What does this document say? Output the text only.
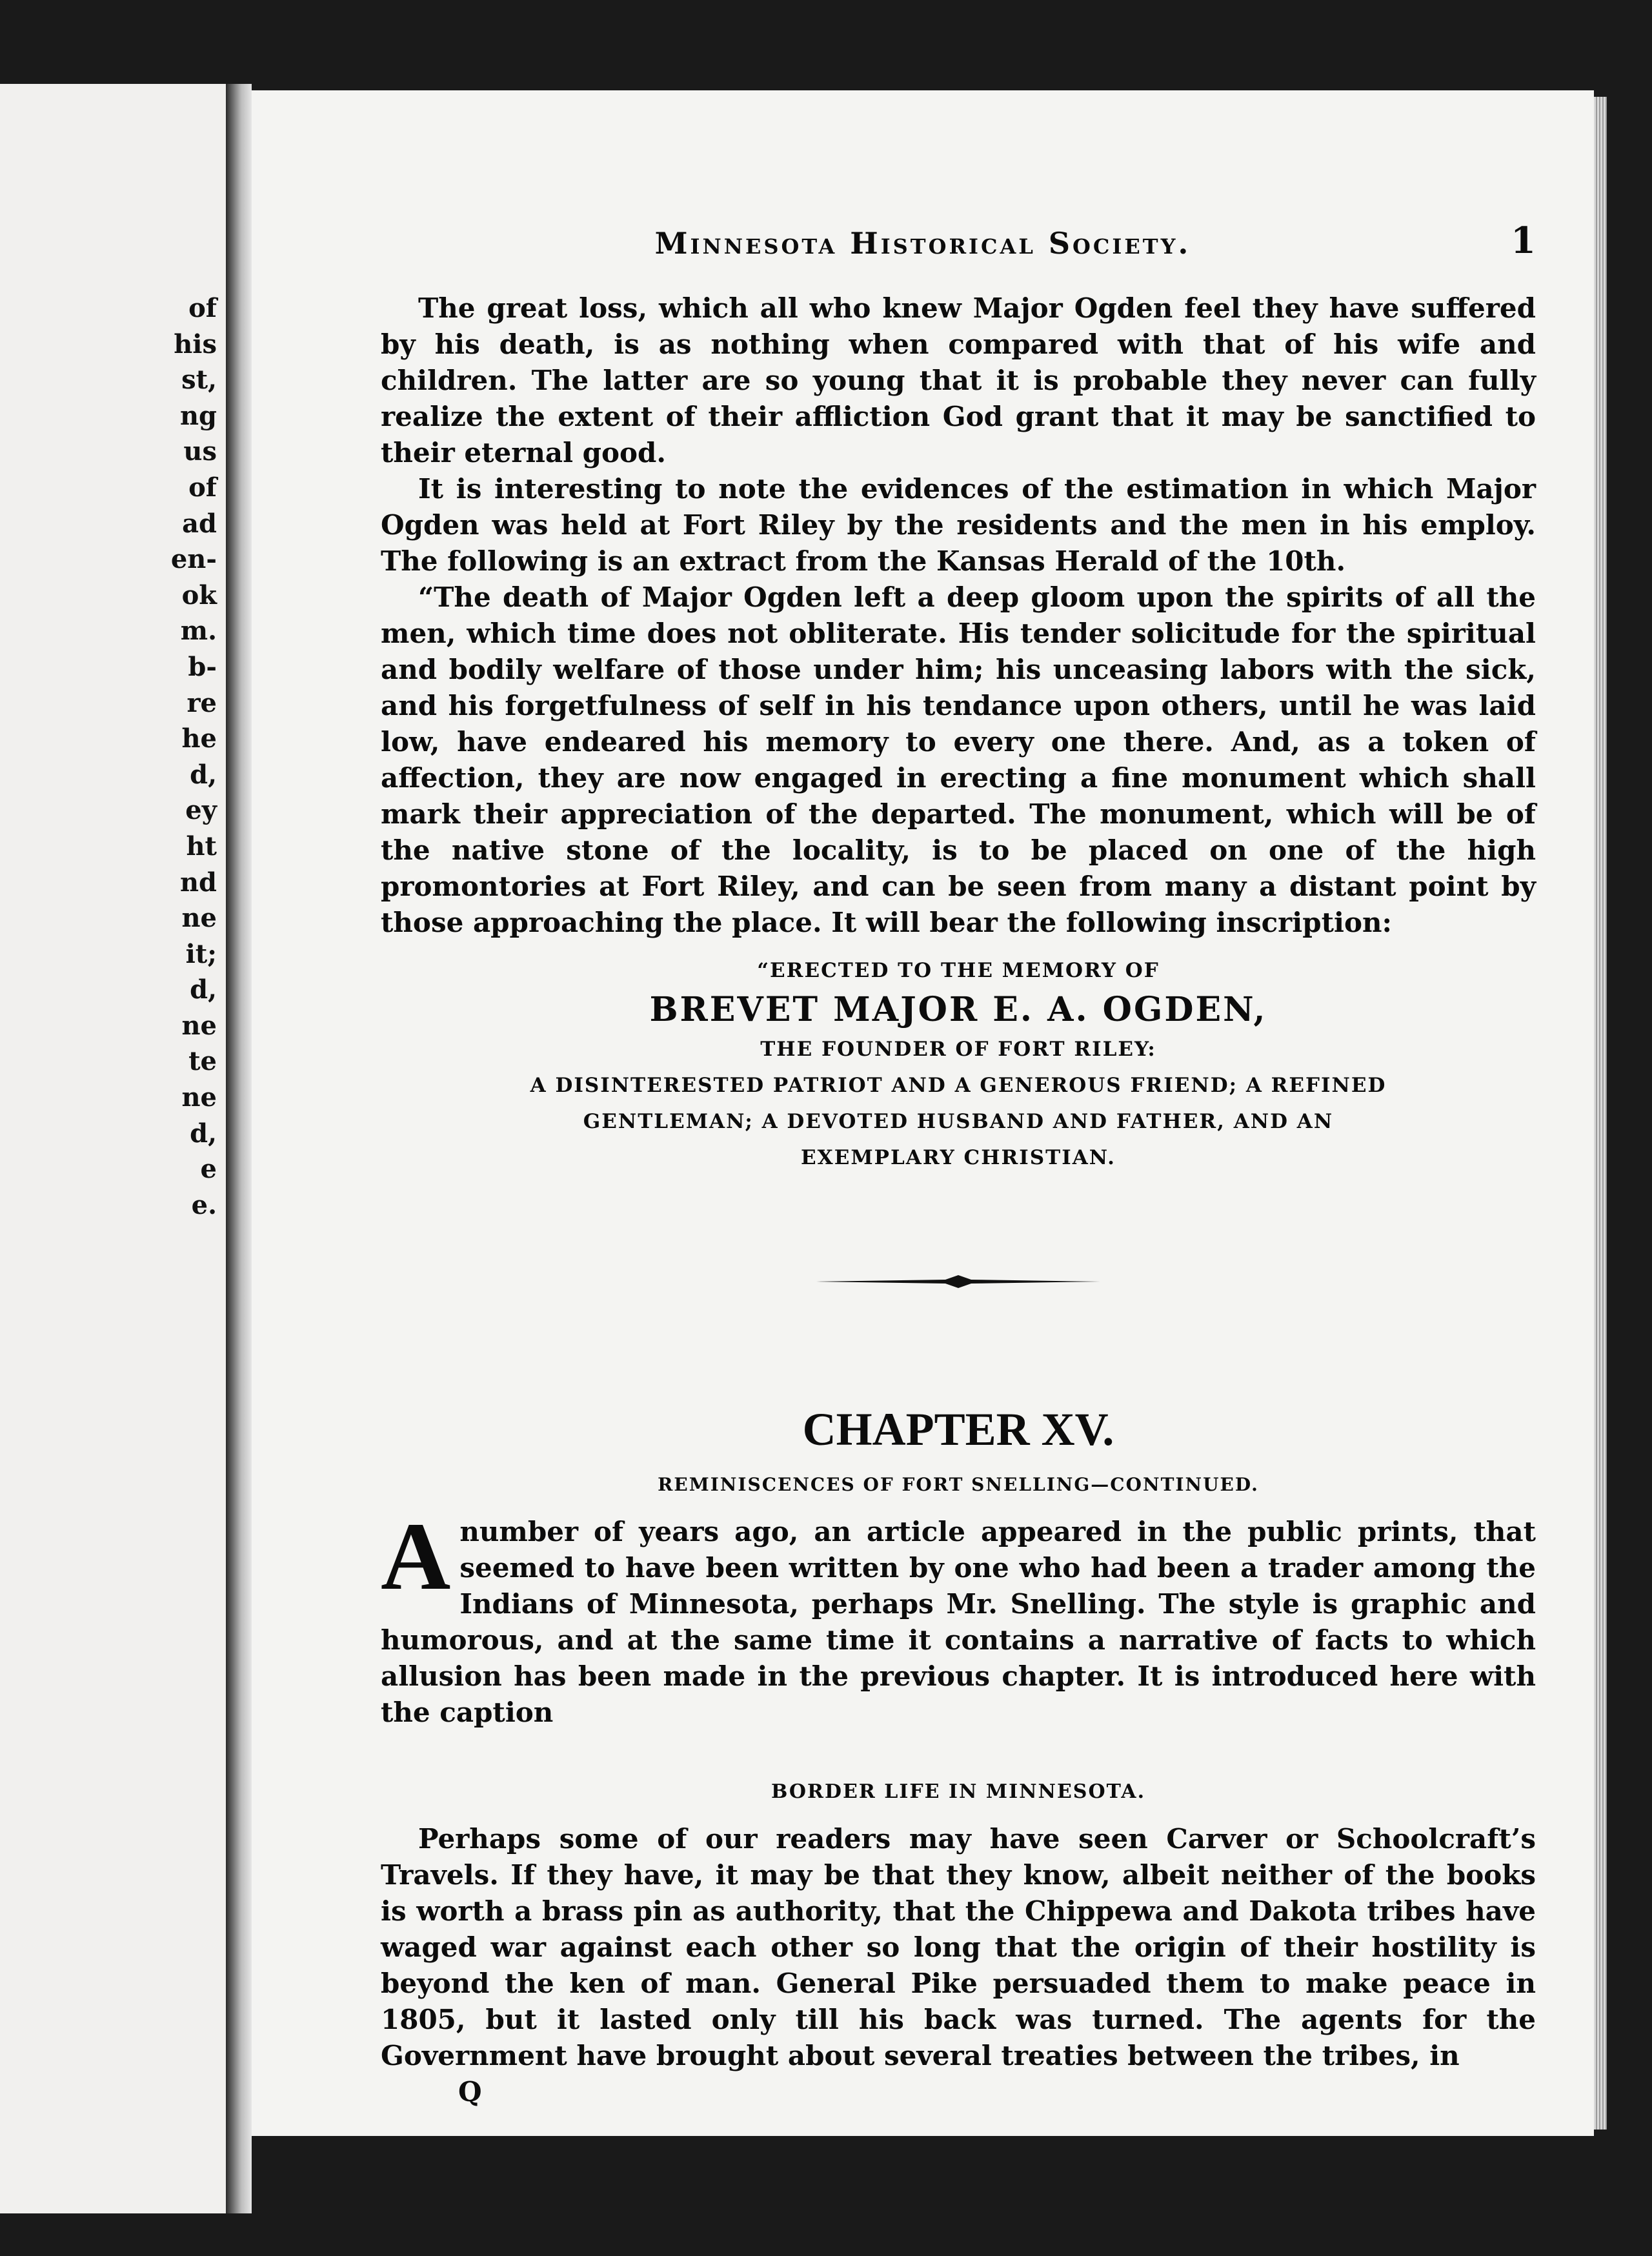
of
his
st,
ng
us
of
ad
en-
ok
m.
b-
re
he
d,
ey
ht
nd
ne
it;
d,
ne
te
ne
d,
e
e.
Minnesota Historical Society.	1

The great loss, which all who knew Major Ogden feel they have suffered by his death, is as nothing when compared with that of his wife and children. The latter are so young that it is probable they never can fully realize the extent of their affliction God grant that it may be sanctified to their eternal good.

It is interesting to note the evidences of the estimation in which Major Ogden was held at Fort Riley by the residents and the men in his employ. The following is an extract from the Kansas Herald of the 10th.

“The death of Major Ogden left a deep gloom upon the spirits of all the men, which time does not obliterate. His tender solicitude for the spiritual and bodily welfare of those under him; his unceasing labors with the sick, and his forgetfulness of self in his tendance upon others, until he was laid low, have endeared his memory to every one there. And, as a token of affection, they are now engaged in erecting a fine monument which shall mark their appreciation of the departed. The monument, which will be of the native stone of the locality, is to be placed on one of the high promontories at Fort Riley, and can be seen from many a distant point by those approaching the place. It will bear the following inscription:

“ERECTED TO THE MEMORY OF
BREVET MAJOR E. A. OGDEN,
THE FOUNDER OF FORT RILEY:
A DISINTERESTED PATRIOT AND A GENEROUS FRIEND; A REFINED
GENTLEMAN; A DEVOTED HUSBAND AND FATHER, AND AN
EXEMPLARY CHRISTIAN.
CHAPTER XV.
REMINISCENCES OF FORT SNELLING—CONTINUED.

Anumber of years ago, an article appeared in the public prints, that seemed to have been written by one who had been a trader among the Indians of Minnesota, perhaps Mr. Snelling. The style is graphic and humorous, and at the same time it contains a narrative of facts to which allusion has been made in the previous chapter. It is introduced here with the caption

BORDER LIFE IN MINNESOTA.

Perhaps some of our readers may have seen Carver or Schoolcraft’s Travels. If they have, it may be that they know, albeit neither of the books is worth a brass pin as authority, that the Chippewa and Dakota tribes have waged war against each other so long that the origin of their hostility is beyond the ken of man. General Pike persuaded them to make peace in 1805, but it lasted only till his back was turned. The agents for the Government have brought about several treaties between the tribes, in

Q
